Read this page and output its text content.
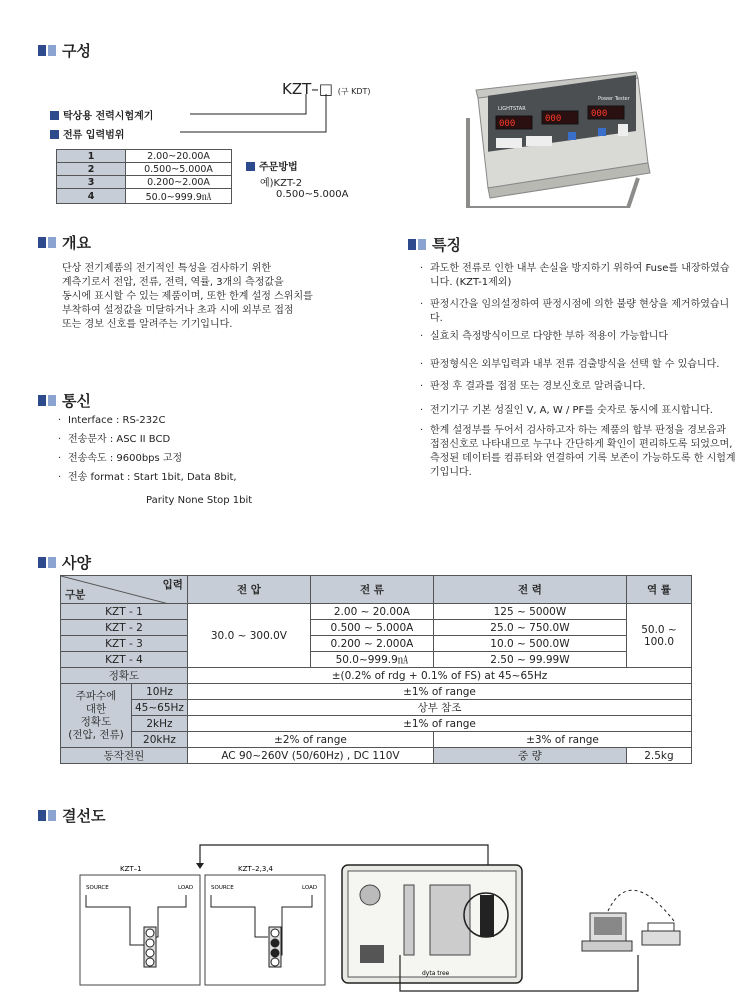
구성
KZT–□ (구 KDT)
탁상용 전력시험계기
전류 입력범위
1	2.00~20.00A
2	0.500~5.000A
3	0.200~2.00A
4	50.0~999.9㎁
주문방법
예)KZT-2
0.500~5.000A
LIGHTSTAR
Power Tester
000	000	000
개요
단상 전기제품의 전기적인 특성을 검사하기 위한
계측기로서 전압, 전류, 전력, 역률, 3개의 측정값을
동시에 표시할 수 있는 제품이며, 또한 한계 설정 스위치를
부착하여 설정값을 미달하거나 초과 시에 외부로 접점
또는 경보 신호를 알려주는 기기입니다.
통신
· Interface : RS-232C
· 전송문자 : ASC II BCD
· 전송속도 : 9600bps 고정
· 전송 format : Start 1bit, Data 8bit,
Parity None Stop 1bit
특징
· 과도한 전류로 인한 내부 손실을 방지하기 위하여 Fuse를 내장하였습니다. (KZT-1제외)
· 판정시간을 임의설정하여 판정시점에 의한 불량 현상을 제거하였습니다.
· 실효치 측정방식이므로 다양한 부하 적용이 가능합니다
· 판정형식은 외부입력과 내부 전류 검출방식을 선택 할 수 있습니다.
· 판정 후 결과를 접점 또는 경보신호로 알려줍니다.
· 전기기구 기본 성질인 V, A, W / PF를 숫자로 동시에 표시합니다.
· 한계 설정부를 두어서 검사하고자 하는 제품의 합부 판정을 경보음과 접점신호로 나타내므로 누구나 간단하게 확인이 편리하도록 되었으며, 측정된 데이터를 컴퓨터와 연결하여 기록 보존이 가능하도록 한 시험계기입니다.
사양
입력
구분		전 압	전 류	전 력	역 률
KZT - 1		30.0 ~ 300.0V	2.00 ~ 20.00A	125 ~ 5000W	50.0 ~ 100.0
KZT - 2			0.500 ~ 5.000A	25.0 ~ 750.0W	
KZT - 3			0.200 ~ 2.000A	10.0 ~ 500.0W	
KZT - 4			50.0~999.9㎁	2.50 ~ 99.99W	
정확도		±(0.2% of rdg + 0.1% of FS) at 45~65Hz			

주파수에
대한
정확도
(전압, 전류)	10Hz	±1% of range			
	45~65Hz	상부 참조			
	2kHz	±1% of range			
	20kHz	±2% of range		±3% of range	
동작전원		AC 90~260V (50/60Hz) , DC 110V		중 량	2.5kg
결선도
KZT–1
SOURCE	LOAD
KZT–2,3,4
SOURCE	LOAD
dyta tree
